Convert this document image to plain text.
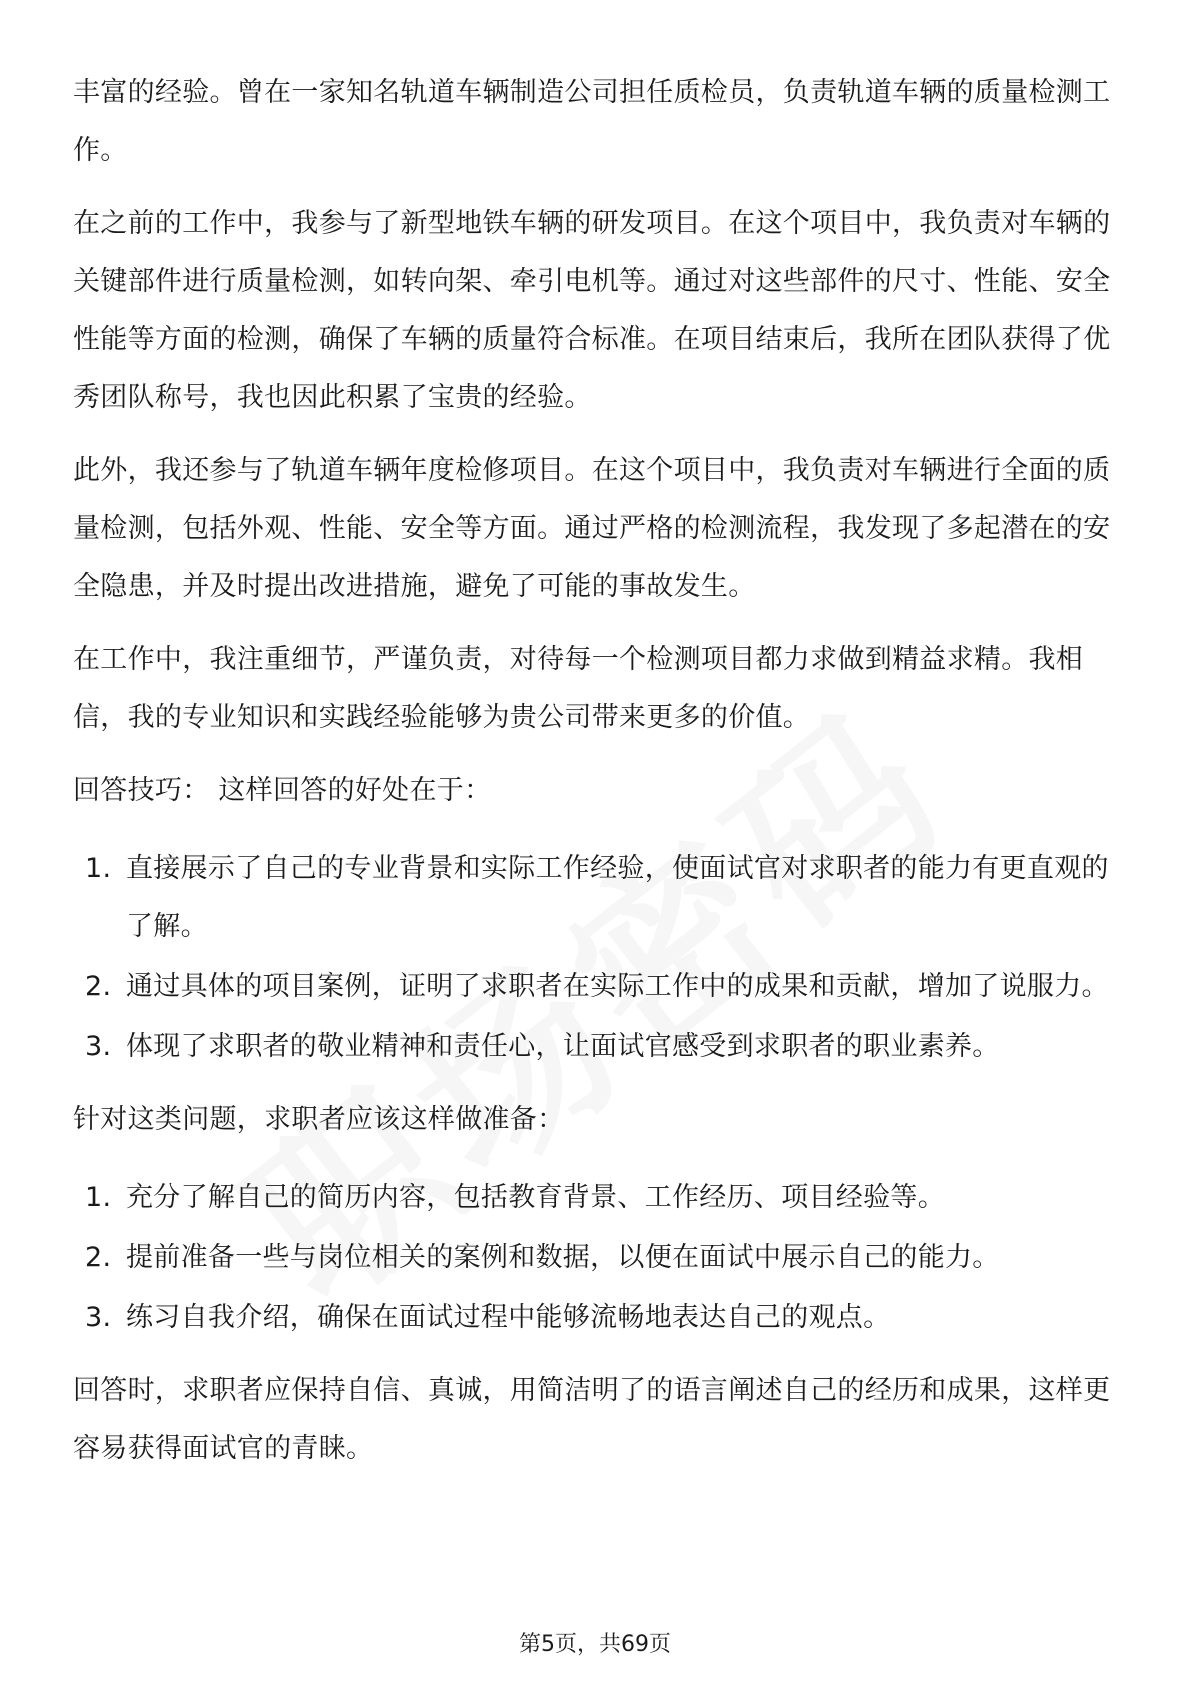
丰富的经验。曾在一家知名轨道车辆制造公司担任质检员，负责轨道车辆的质量检测工作。

在之前的工作中，我参与了新型地铁车辆的研发项目。在这个项目中，我负责对车辆的关键部件进行质量检测，如转向架、牵引电机等。通过对这些部件的尺寸、性能、安全性能等方面的检测，确保了车辆的质量符合标准。在项目结束后，我所在团队获得了优秀团队称号，我也因此积累了宝贵的经验。

此外，我还参与了轨道车辆年度检修项目。在这个项目中，我负责对车辆进行全面的质量检测，包括外观、性能、安全等方面。通过严格的检测流程，我发现了多起潜在的安全隐患，并及时提出改进措施，避免了可能的事故发生。

在工作中，我注重细节，严谨负责，对待每一个检测项目都力求做到精益求精。我相信，我的专业知识和实践经验能够为贵公司带来更多的价值。

回答技巧： 这样回答的好处在于：

1. 直接展示了自己的专业背景和实际工作经验，使面试官对求职者的能力有更直观的了解。
2. 通过具体的项目案例，证明了求职者在实际工作中的成果和贡献，增加了说服力。
3. 体现了求职者的敬业精神和责任心，让面试官感受到求职者的职业素养。

针对这类问题，求职者应该这样做准备：

1. 充分了解自己的简历内容，包括教育背景、工作经历、项目经验等。
2. 提前准备一些与岗位相关的案例和数据，以便在面试中展示自己的能力。
3. 练习自我介绍，确保在面试过程中能够流畅地表达自己的观点。

回答时，求职者应保持自信、真诚，用简洁明了的语言阐述自己的经历和成果，这样更容易获得面试官的青睐。

第5页，共69页
